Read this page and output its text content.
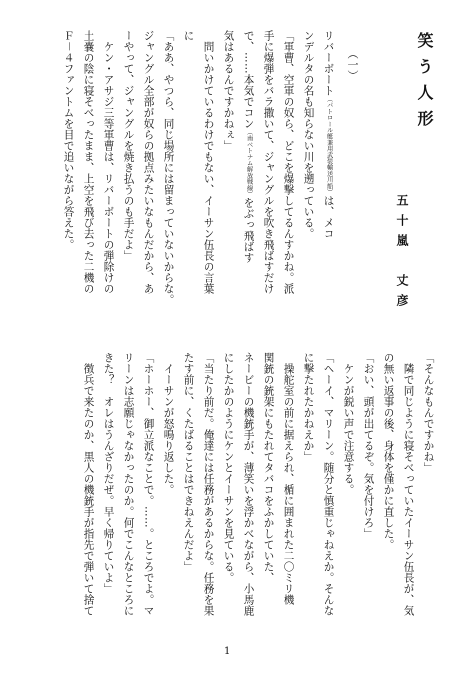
笑う人形
五十嵐　丈彦
（一）
リバーボート（パトロール艇兼用武装輸送川船）は、メコ
ンデルタの名も知らない川を遡っている。
「軍曹、空軍の奴ら、どこを爆撃してるんすかね。派
手に爆弾をバラ撒いて、ジャングルを吹き飛ばすだけ
で、……本気でコン（南ベトナム解放戦線）をぶっ飛ばす
気はあるんですかねぇ」
　問いかけているわけでもない、イーサン伍長の言葉
に
「ああ、やつら、同じ場所には留まっていないからな。
ジャングル全部が奴らの拠点みたいなもんだから、あ
ーやって、ジャングルを焼き払うのも手だよ」
　ケン・アサジ三等軍曹は、リバーボートの弾除けの
土嚢の陰に寝そべったまま、上空を飛び去った二機の
Ｆ－４ファントムを目で追いながら答えた。
「そんなもんですかね」
　隣で同じように寝そべっていたイーサン伍長が、気
の無い返事の後、身体を僅かに直した。
「おい、頭が出てるぞ。気を付けろ」
　ケンが鋭い声で注意する。
「ヘーイ、マリーン。随分と慎重じゃねえか。そんな
に撃たれたかねえか」
　操舵室の前に据えられ、楯に囲まれた二〇ミリ機
関銃の銃架にもたれてタバコをふかしていた、
ネービーの機銃手が、薄笑いを浮かべながら、小馬鹿
にしたかのようにケンとイーサンを見ている。
「当たり前だ。俺達には任務があるからな。任務を果
たす前に、くたばることはできねえんだよ」
　イーサンが怒鳴り返した。
「ホーホー、御立派なことで。……。ところでよ。マ
リーンは志願じゃなかったのか。何でこんなところに
きた？　オレはうんざりだぜ。早く帰りていよ」
　徴兵で来たのか、黒人の機銃手が指先で弾いて捨て
1
